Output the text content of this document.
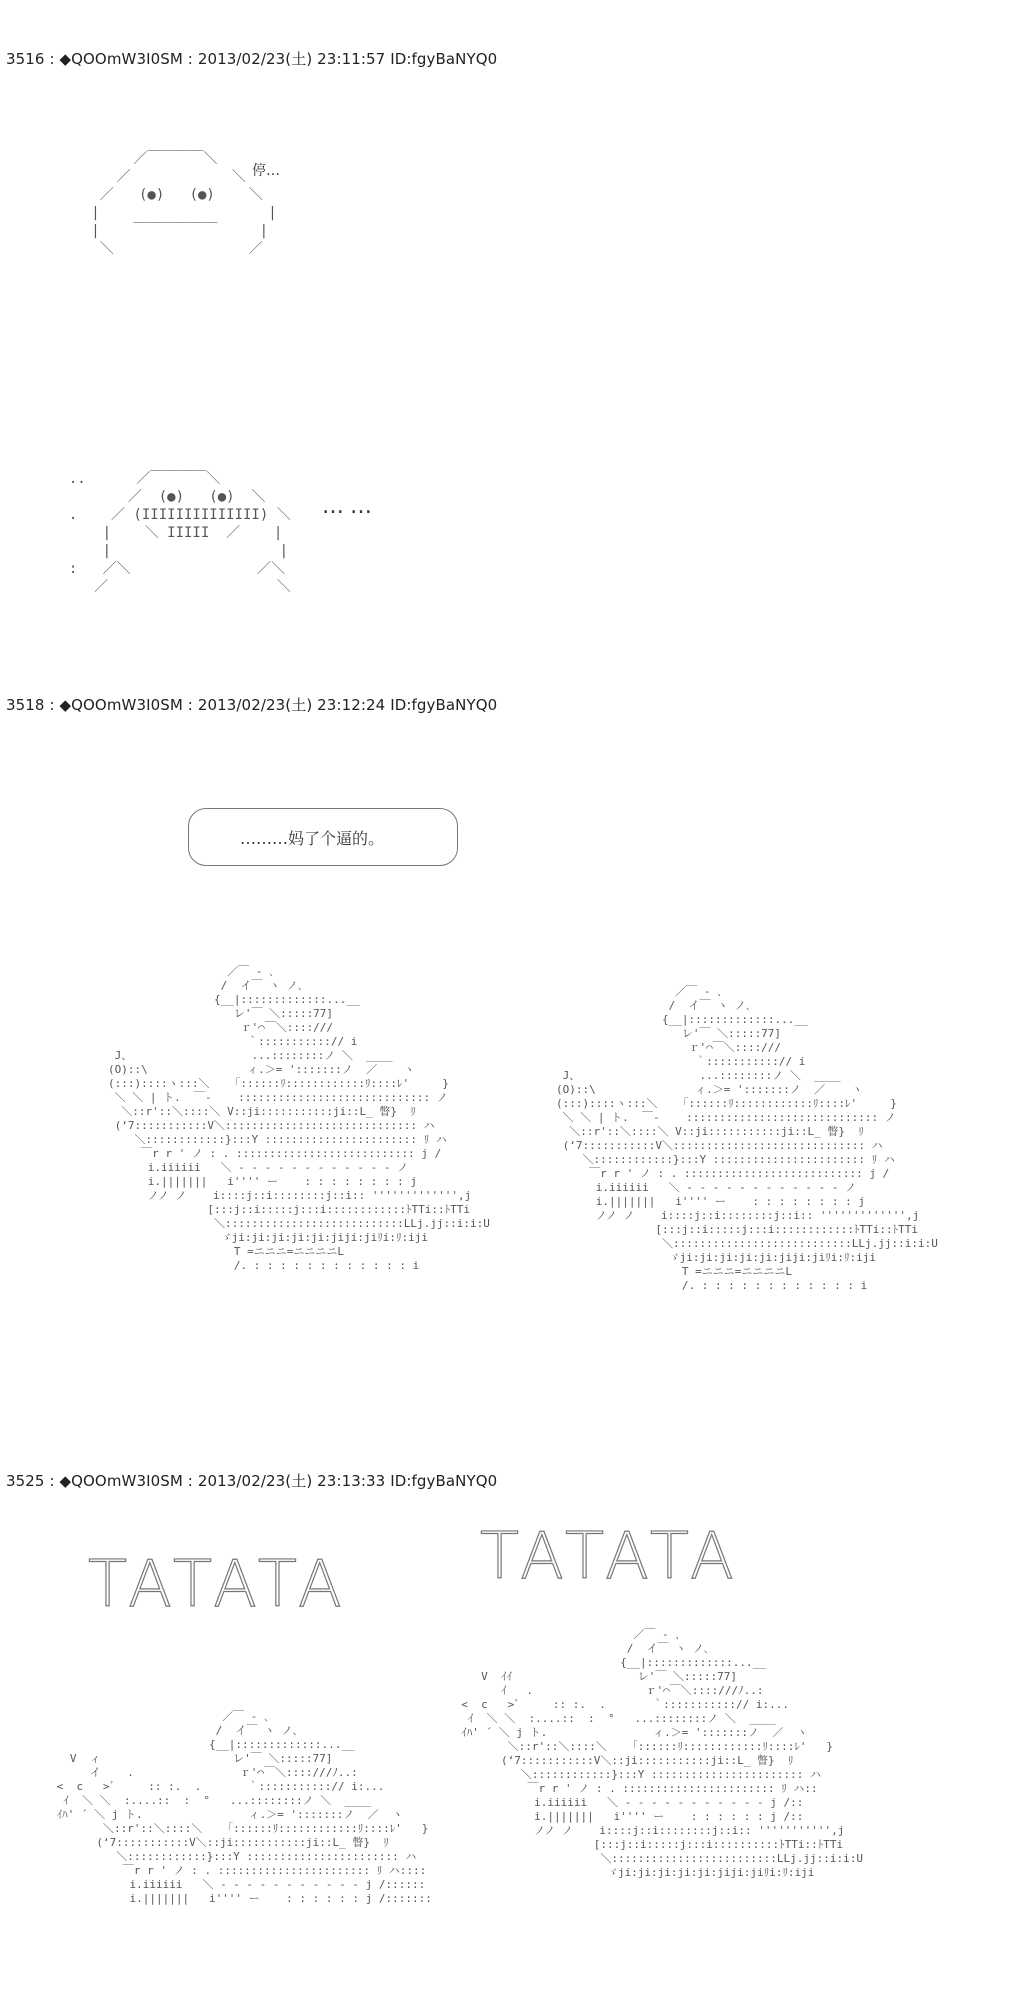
3516 : ◆QOOmW3I0SM : 2013/02/23(土) 23:11:57 ID:fgyBaNYQ0
／￣￣￣￣＼
／            ＼
／   (●)   (●)    ＼
|                    |
|    ￣￣￣￣￣￣     |
＼                ／

停…
..      ／￣￣￣￣＼
／  (●)   (●)  ＼
.    ／ (IIIIIIIIIIIIII) ＼
|    ＼ IIIII  ／    |
|                    |
:   ／＼               ／＼
／                    ＼

……
3518 : ◆QOOmW3I0SM : 2013/02/23(土) 23:12:24 ID:fgyBaNYQ0
………妈了个逼的。
／￣ ‐ ､
/  イ￣ ヽ ノ､
{__|:::::::::::::...__
レ'￣ ＼:::::77]
ｒ'⌒￣＼::::///
｀:::::::::::// i
J、                  ...::::::::ノ ＼  ____
(O)::\               ィ.＞= ':::::::ノ  ／    ヽ
(:::)::::ヽ:::＼   「::::::ﾘ::::::::::::ﾘ::::ﾚ'     }
＼ ＼ | ト.  ￣‐    ::::::::::::::::::::::::::::: ノ
＼::r'::＼::::＼ V::ji:::::::::::ji::L_ 瞥}  ﾘ
(‘7:::::::::::V＼::::::::::::::::::::::::::::: ハ
＼::::::::::::}:::Y ::::::::::::::::::::::: ﾘ ハ
￣r r ' ノ : . ::::::::::::::::::::::::::: j /
i.iiiiii   ＼ - - - - - - - - - - - - ノ
i.|||||||   i'''' ー    : : : : : : : : j
ノノ ノ    i::::j::i::::::::j::i:: ''''''''''''',j
[:::j::i:::::j:::i::::::::::::ﾄTTi::ﾄTTi
＼:::::::::::::::::::::::::::LLj.jj::i:i:U
ゞji:ji:ji:ji:ji:jiji:jiﾘi:ﾘ:iji
T =ニニニ=ニニニニL
/. : : : : : : : : : : : : i

／￣ ‐ ､
/  イ￣ ヽ ノ､
{__|:::::::::::::...__
レ'￣ ＼:::::77]
ｒ'⌒￣＼::::///
｀:::::::::::// i
J、                  ...::::::::ノ ＼  ____
(O)::\               ィ.＞= ':::::::ノ  ／    ヽ
(:::)::::ヽ:::＼   「::::::ﾘ::::::::::::ﾘ::::ﾚ'     }
＼ ＼ | ト.  ￣‐    ::::::::::::::::::::::::::::: ノ
＼::r'::＼::::＼ V::ji:::::::::::ji::L_ 瞥}  ﾘ
(‘7:::::::::::V＼::::::::::::::::::::::::::::: ハ
＼::::::::::::}:::Y ::::::::::::::::::::::: ﾘ ハ
￣r r ' ノ : . ::::::::::::::::::::::::::: j /
i.iiiiii   ＼ - - - - - - - - - - - - ノ
i.|||||||   i'''' ー    : : : : : : : : j
ノノ ノ    i::::j::i::::::::j::i:: ''''''''''''',j
[:::j::i:::::j:::i::::::::::::ﾄTTi::ﾄTTi
＼:::::::::::::::::::::::::::LLj.jj::i:i:U
ゞji:ji:ji:ji:ji:jiji:jiﾘi:ﾘ:iji
T =ニニニ=ニニニニL
/. : : : : : : : : : : : : i

3525 : ◆QOOmW3I0SM : 2013/02/23(土) 23:13:33 ID:fgyBaNYQ0
TATATA TATATA
／￣ ‐ ､
/  イ￣ ヽ ノ､
{__|:::::::::::::...__
V  ィ                    レ'￣ ＼:::::77]
イ    .                ｒ'⌒￣＼::::///ﾉ..:
<  c   >ﾞ     :: :.  .       ｀:::::::::::// i:...
ｲ  ＼ ＼  :....::  :  °   ...::::::::ノ ＼  ____
ｲﾊ' ´ ＼ j ト.                ィ.＞= ':::::::ノ  ／  ヽ
＼::r'::＼::::＼   「::::::ﾘ::::::::::::ﾘ::::ﾚ'   }
(‘7:::::::::::V＼::ji:::::::::::ji::L_ 瞥}  ﾘ
＼::::::::::::}:::Y ::::::::::::::::::::::: ハ
￣r r ' ノ : . ::::::::::::::::::::::: ﾘ ハ::::
i.iiiiii   ＼ - - - - - - - - - - - j /::::::
i.|||||||   i'''' ー    : : : : : : j /:::::::

／￣ ‐ ､
/  イ￣ ヽ ノ､
{__|:::::::::::::...__
V  ｲｲ                   レ'￣ ＼:::::77]
ｲ   .                 ｒ'⌒￣＼::::///ﾉ..:
<  c   >ﾞ     :: :.  .       ｀:::::::::::// i:...
ｲ  ＼ ＼  :....::  :  °   ...::::::::ノ ＼  ____
ｲﾊ' ´ ＼ j ト.                ィ.＞= ':::::::ノ  ／  ヽ
＼::r'::＼::::＼   「::::::ﾘ::::::::::::ﾘ::::ﾚ'   }
(‘7:::::::::::V＼::ji:::::::::::ji::L_ 瞥}  ﾘ
＼::::::::::::}:::Y ::::::::::::::::::::::: ハ
￣r r ' ノ : . ::::::::::::::::::::::: ﾘ ハ::
i.iiiiii   ＼ - - - - - - - - - - - j /::
i.|||||||   i'''' ー    : : : : : : j /::
ノノ ノ    i::::j::i::::::::j::i:: ''''''''''',j
[:::j::i:::::j:::i::::::::::ﾄTTi::ﾄTTi
＼:::::::::::::::::::::::::LLj.jj::i:i:U
ゞji:ji:ji:ji:ji:jiji:jiﾘi:ﾘ:iji
